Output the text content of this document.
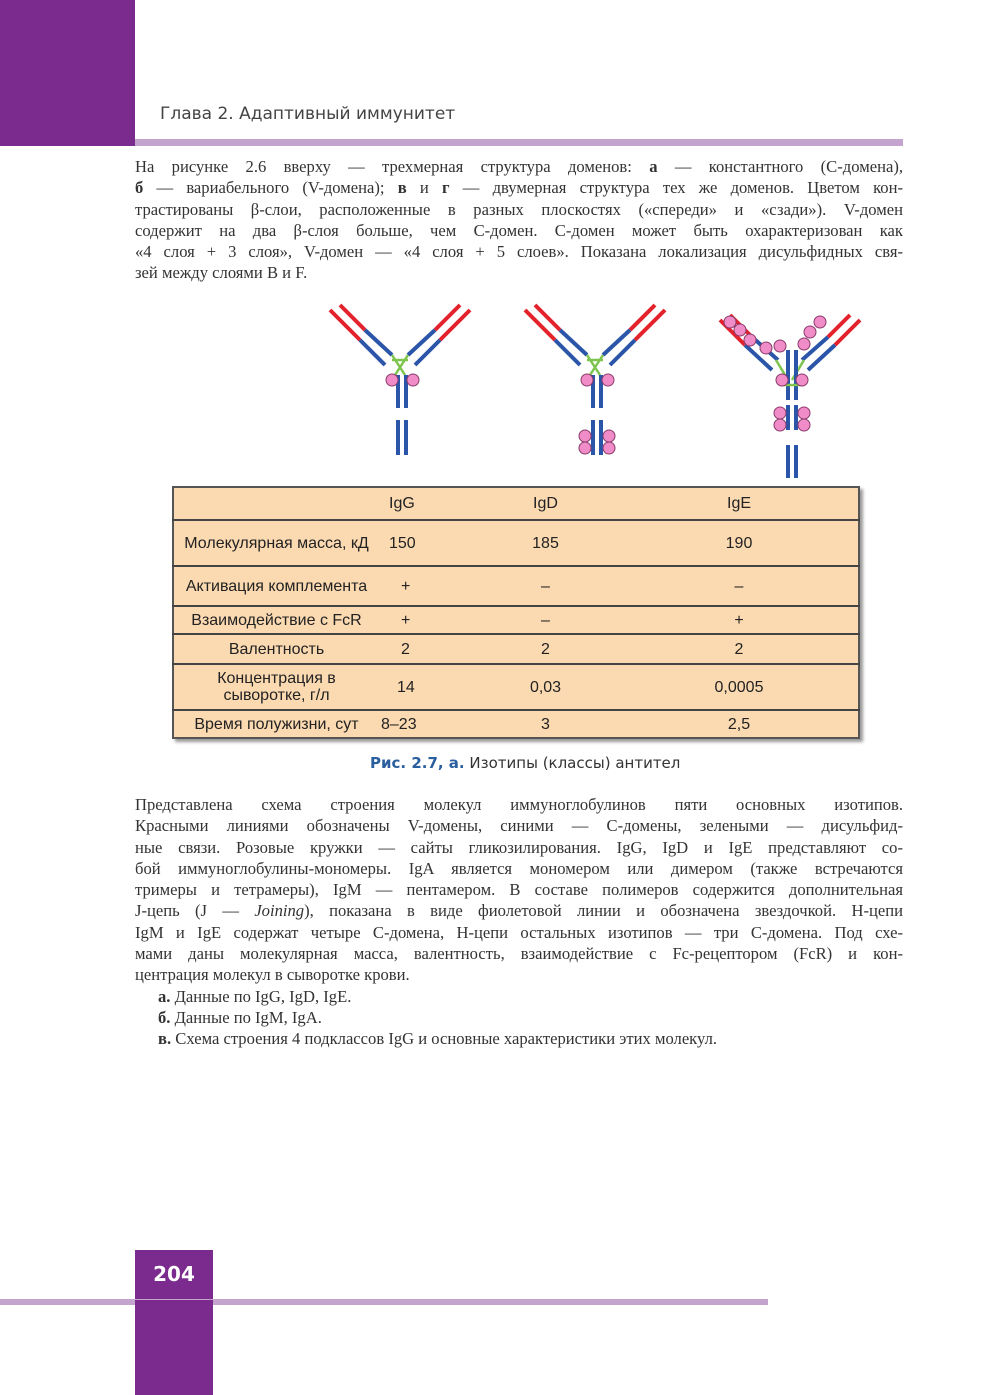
Глава 2. Адаптивный иммунитет
На рисунке 2.6 вверху — трехмерная структура доменов: а — константного (С-домена),
б — вариабельного (V-домена); в и г — двумерная структура тех же доменов. Цветом кон-
трастированы β-слои, расположенные в разных плоскостях («спереди» и «сзади»). V-домен
содержит на два β-слоя больше, чем С-домен. С-домен может быть охарактеризован как
«4 слоя + 3 слоя», V-домен — «4 слоя + 5 слоев». Показана локализация дисульфидных свя-
зей между слоями В и F.
	IgG	IgD	IgE
Молекулярная масса, кД	150	185	190
Активация комплемента	+	–	–
Взаимодействие с FcR	+	–	+
Валентность	2	2	2
Концентрация в сыворотке, г/л	14	0,03	0,0005
Время полужизни, сут	8–23	3	2,5
Рис. 2.7, а. Изотипы (классы) антител
Представлена схема строения молекул иммуноглобулинов пяти основных изотипов.
Красными линиями обозначены V-домены, синими — С-домены, зелеными — дисульфид-
ные связи. Розовые кружки — сайты гликозилирования. IgG, IgD и IgE представляют со-
бой иммуноглобулины-мономеры. IgA является мономером или димером (также встречаются
тримеры и тетрамеры), IgM — пентамером. В составе полимеров содержится дополнительная
J-цепь (J — Joining), показана в виде фиолетовой линии и обозначена звездочкой. H-цепи
IgM и IgE содержат четыре С-домена, H-цепи остальных изотипов — три С-домена. Под схе-
мами даны молекулярная масса, валентность, взаимодействие с Fc-рецептором (FcR) и кон-
центрация молекул в сыворотке крови.

а. Данные по IgG, IgD, IgE.

б. Данные по IgM, IgA.

в. Схема строения 4 подклассов IgG и основные характеристики этих молекул.

204
